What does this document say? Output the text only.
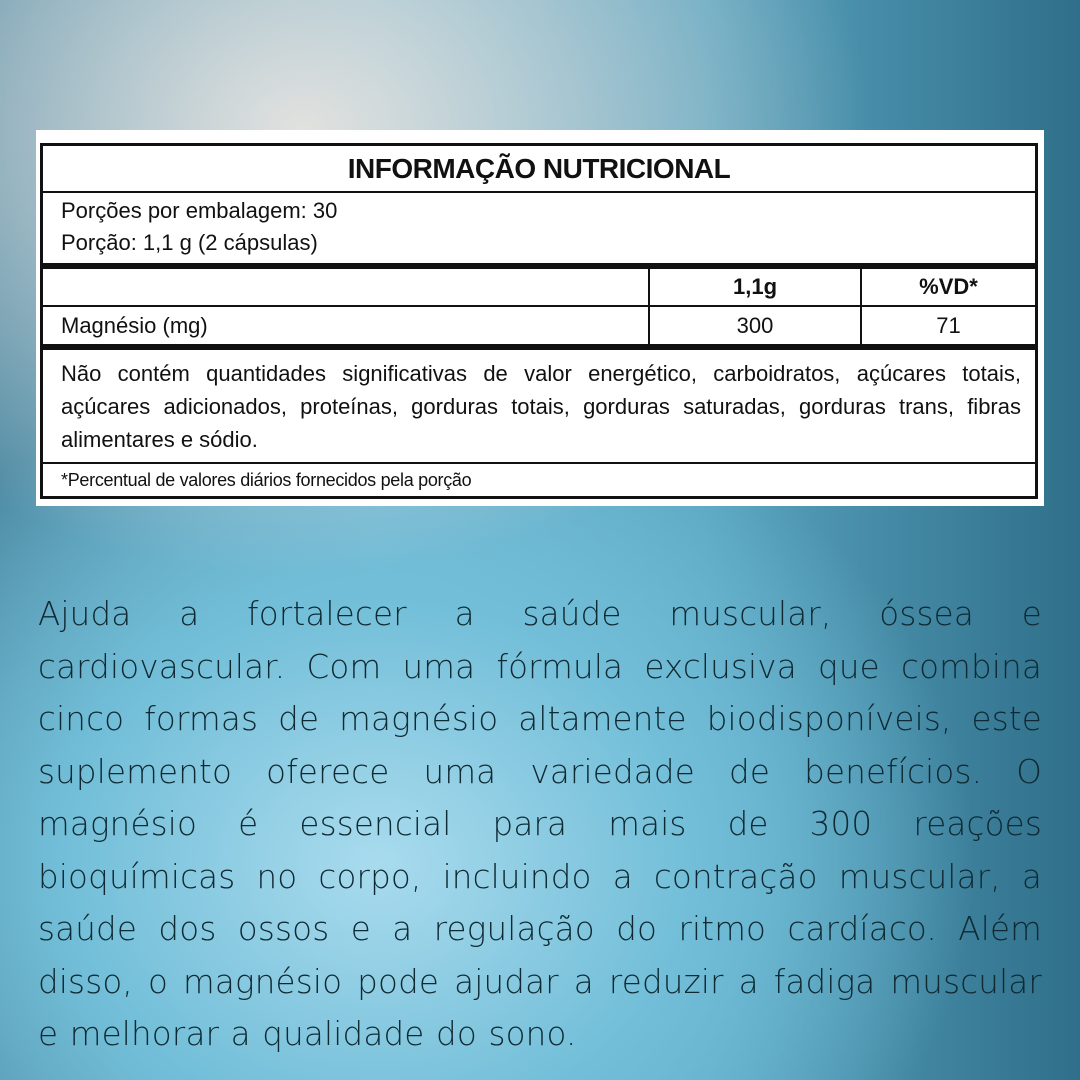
INFORMAÇÃO NUTRICIONAL
Porções por embalagem: 30
Porção: 1,1 g (2 cápsulas)
	1,1g	%VD*
Magnésio (mg)	300	71
Não contém quantidades significativas de valor energético, carboidratos, açúcares totais, açúcares adicionados, proteínas, gorduras totais, gorduras saturadas, gorduras trans, fibras alimentares e sódio.
*Percentual de valores diários fornecidos pela porção

Ajuda a fortalecer a saúde muscular, óssea e cardiovascular. Com uma fórmula exclusiva que combina cinco formas de magnésio altamente biodisponíveis, este suplemento oferece uma variedade de benefícios. O magnésio é essencial para mais de 300 reações bioquímicas no corpo, incluindo a contração muscular, a saúde dos ossos e a regulação do ritmo cardíaco. Além disso, o magnésio pode ajudar a reduzir a fadiga muscular e melhorar a qualidade do sono.
